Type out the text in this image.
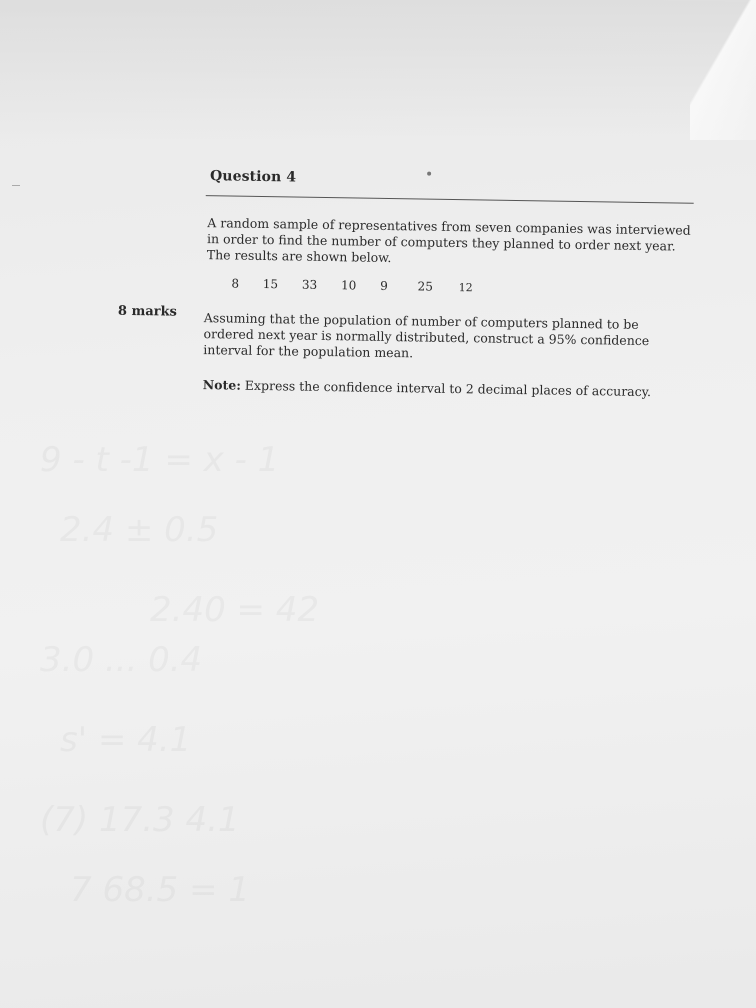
Question 4
A random sample of representatives from seven companies was interviewed in order to find the number of computers they planned to order next year. The results are shown below.
8 15 33 10 9 25 12
8 marks Assuming that the population of number of computers planned to be ordered next year is normally distributed, construct a 95% confidence interval for the population mean.
Note: Express the confidence interval to 2 decimal places of accuracy.
